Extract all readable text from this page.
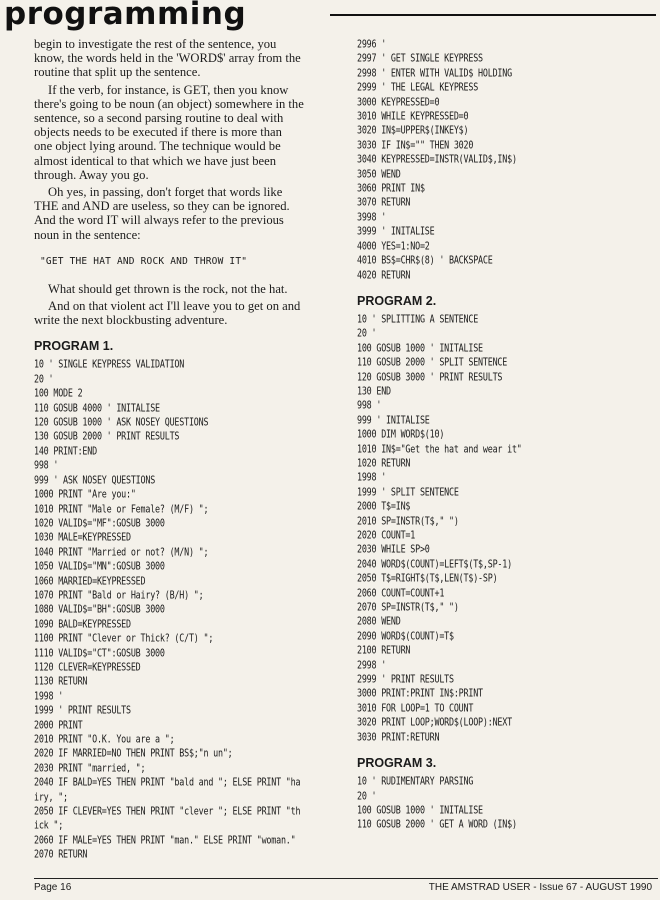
programming

begin to investigate the rest of the sentence, you
know, the words held in the 'WORD$' array from the
routine that split up the sentence.

If the verb, for instance, is GET, then you know
there's going to be noun (an object) somewhere in the
sentence, so a second parsing routine to deal with
objects needs to be executed if there is more than
one object lying around. The technique would be
almost identical to that which we have just been
through. Away you go.

Oh yes, in passing, don't forget that words like
THE and AND are useless, so they can be ignored.
And the word IT will always refer to the previous
noun in the sentence:

"GET THE HAT AND ROCK AND THROW IT"

What should get thrown is the rock, not the hat.

And on that violent act I'll leave you to get on and
write the next blockbusting adventure.

PROGRAM 1.
10 ' SINGLE KEYPRESS VALIDATION
20 '
100 MODE 2
110 GOSUB 4000 ' INITALISE
120 GOSUB 1000 ' ASK NOSEY QUESTIONS
130 GOSUB 2000 ' PRINT RESULTS
140 PRINT:END
998 '
999 ' ASK NOSEY QUESTIONS
1000 PRINT "Are you:"
1010 PRINT "Male or Female? (M/F) ";
1020 VALID$="MF":GOSUB 3000
1030 MALE=KEYPRESSED
1040 PRINT "Married or not? (M/N) ";
1050 VALID$="MN":GOSUB 3000
1060 MARRIED=KEYPRESSED
1070 PRINT "Bald or Hairy? (B/H) ";
1080 VALID$="BH":GOSUB 3000
1090 BALD=KEYPRESSED
1100 PRINT "Clever or Thick? (C/T) ";
1110 VALID$="CT":GOSUB 3000
1120 CLEVER=KEYPRESSED
1130 RETURN
1998 '
1999 ' PRINT RESULTS
2000 PRINT
2010 PRINT "O.K. You are a ";
2020 IF MARRIED=NO THEN PRINT BS$;"n un";
2030 PRINT "married, ";
2040 IF BALD=YES THEN PRINT "bald and "; ELSE PRINT "ha
iry, ";
2050 IF CLEVER=YES THEN PRINT "clever "; ELSE PRINT "th
ick ";
2060 IF MALE=YES THEN PRINT "man." ELSE PRINT "woman."
2070 RETURN
2996 '
2997 ' GET SINGLE KEYPRESS
2998 ' ENTER WITH VALID$ HOLDING
2999 ' THE LEGAL KEYPRESS
3000 KEYPRESSED=0
3010 WHILE KEYPRESSED=0
3020 IN$=UPPER$(INKEY$)
3030 IF IN$="" THEN 3020
3040 KEYPRESSED=INSTR(VALID$,IN$)
3050 WEND
3060 PRINT IN$
3070 RETURN
3998 '
3999 ' INITALISE
4000 YES=1:NO=2
4010 BS$=CHR$(8) ' BACKSPACE
4020 RETURN
PROGRAM 2.
10 ' SPLITTING A SENTENCE
20 '
100 GOSUB 1000 ' INITALISE
110 GOSUB 2000 ' SPLIT SENTENCE
120 GOSUB 3000 ' PRINT RESULTS
130 END
998 '
999 ' INITALISE
1000 DIM WORD$(10)
1010 IN$="Get the hat and wear it"
1020 RETURN
1998 '
1999 ' SPLIT SENTENCE
2000 T$=IN$
2010 SP=INSTR(T$," ")
2020 COUNT=1
2030 WHILE SP>0
2040 WORD$(COUNT)=LEFT$(T$,SP-1)
2050 T$=RIGHT$(T$,LEN(T$)-SP)
2060 COUNT=COUNT+1
2070 SP=INSTR(T$," ")
2080 WEND
2090 WORD$(COUNT)=T$
2100 RETURN
2998 '
2999 ' PRINT RESULTS
3000 PRINT:PRINT IN$:PRINT
3010 FOR LOOP=1 TO COUNT
3020 PRINT LOOP;WORD$(LOOP):NEXT
3030 PRINT:RETURN
PROGRAM 3.
10 ' RUDIMENTARY PARSING
20 '
100 GOSUB 1000 ' INITALISE
110 GOSUB 2000 ' GET A WORD (IN$)
Page 16	THE AMSTRAD USER - Issue 67 - AUGUST 1990
